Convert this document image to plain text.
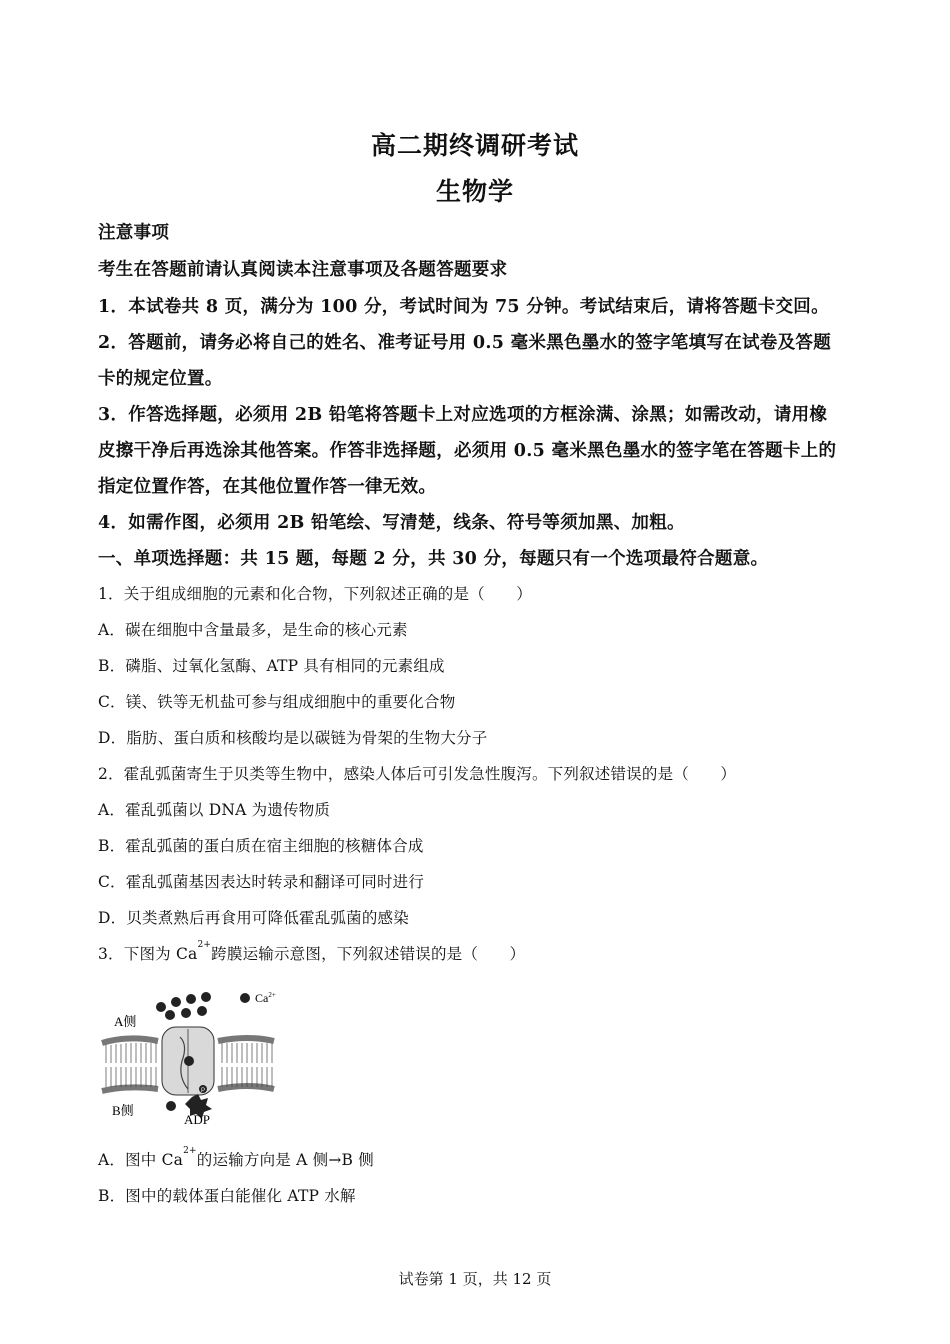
高二期终调研考试
生物学
注意事项
考生在答题前请认真阅读本注意事项及各题答题要求
1．本试卷共 8 页，满分为 100 分，考试时间为 75 分钟。考试结束后，请将答题卡交回。
2．答题前，请务必将自己的姓名、准考证号用 0.5 毫米黑色墨水的签字笔填写在试卷及答题
卡的规定位置。
3．作答选择题，必须用 2B 铅笔将答题卡上对应选项的方框涂满、涂黑；如需改动，请用橡
皮擦干净后再选涂其他答案。作答非选择题，必须用 0.5 毫米黑色墨水的签字笔在答题卡上的
指定位置作答，在其他位置作答一律无效。
4．如需作图，必须用 2B 铅笔绘、写清楚，线条、符号等须加黑、加粗。
一、单项选择题：共 15 题，每题 2 分，共 30 分，每题只有一个选项最符合题意。
1．关于组成细胞的元素和化合物，下列叙述正确的是（　　）
A．碳在细胞中含量最多，是生命的核心元素
B．磷脂、过氧化氢酶、ATP 具有相同的元素组成
C．镁、铁等无机盐可参与组成细胞中的重要化合物
D．脂肪、蛋白质和核酸均是以碳链为骨架的生物大分子
2．霍乱弧菌寄生于贝类等生物中，感染人体后可引发急性腹泻。下列叙述错误的是（　　）
A．霍乱弧菌以 DNA 为遗传物质
B．霍乱弧菌的蛋白质在宿主细胞的核糖体合成
C．霍乱弧菌基因表达时转录和翻译可同时进行
D．贝类煮熟后再食用可降低霍乱弧菌的感染
3．下图为 $Ca^{2+}$跨膜运输示意图，下列叙述错误的是（　　）
$Ca^{2+}$
A侧
B侧
P
ADP
A．图中 $Ca^{2+}$的运输方向是 A 侧→B 侧
B．图中的载体蛋白能催化 ATP 水解
试卷第 1 页，共 12 页
